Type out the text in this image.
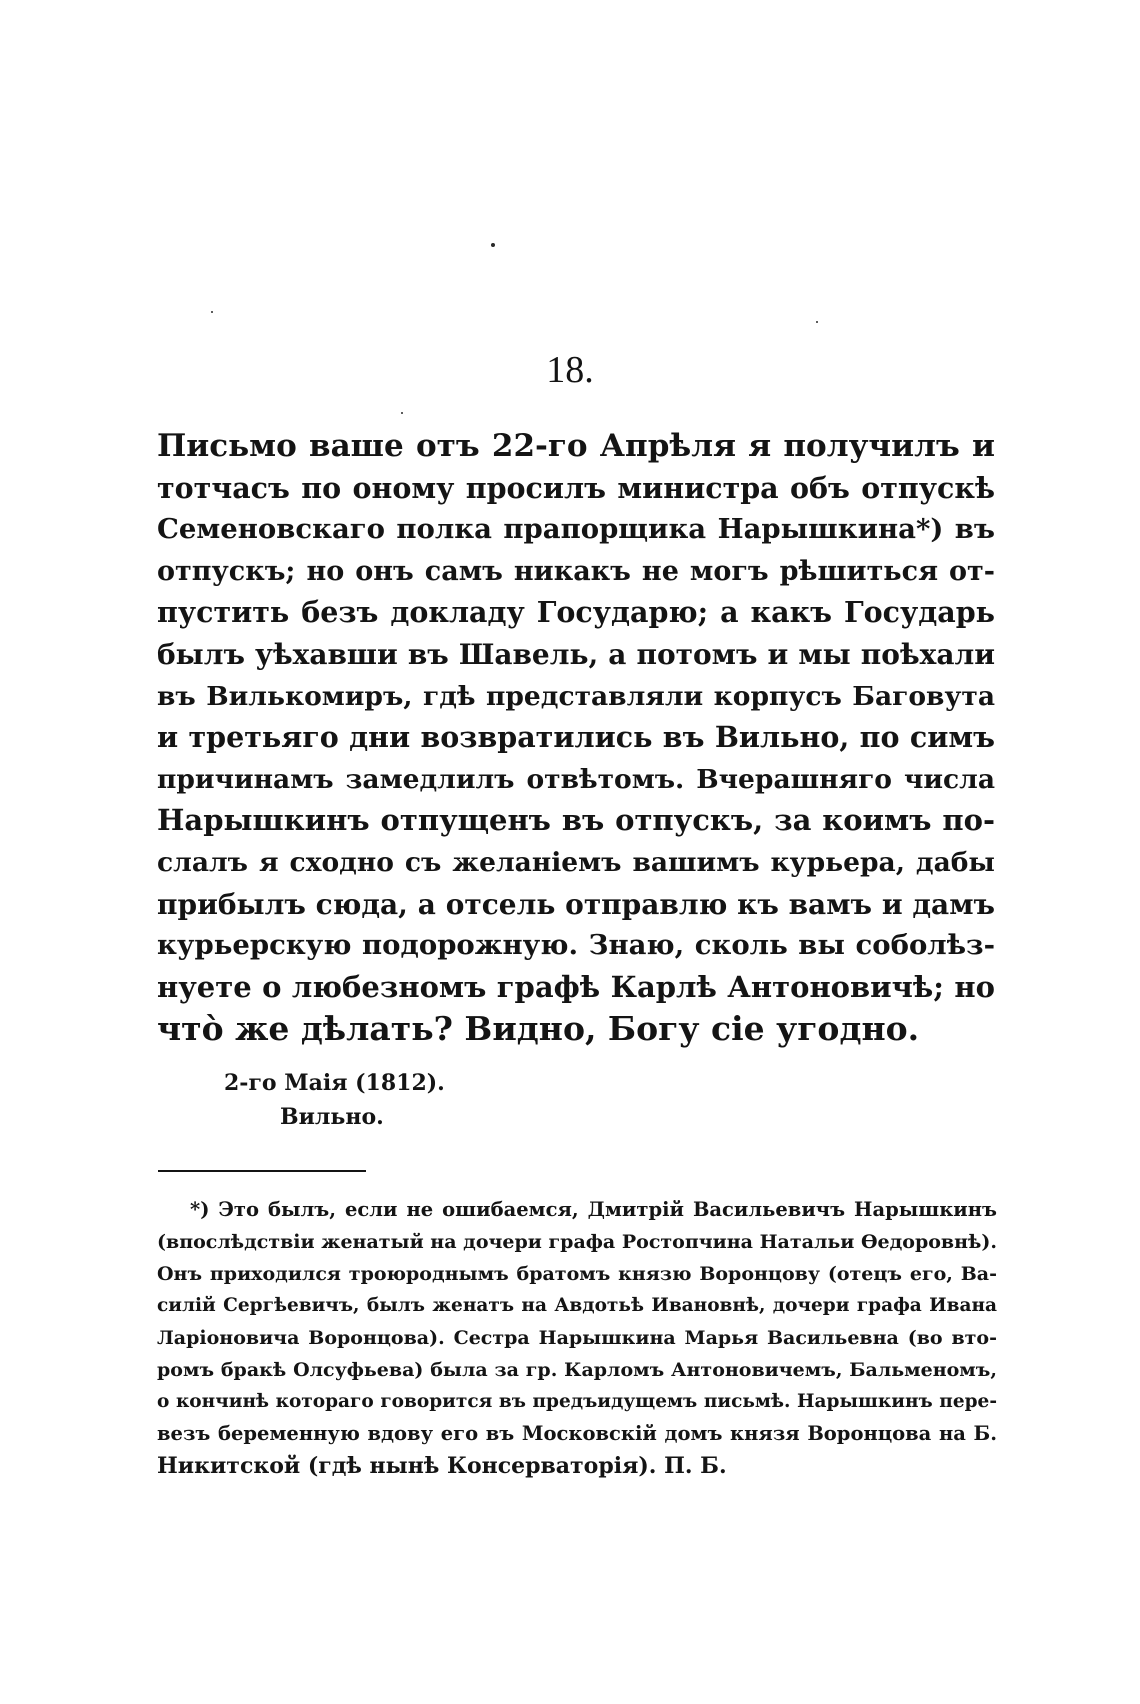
18.
Письмо ваше отъ 22-го Апрѣля я получилъ и
тотчасъ по оному просилъ министра объ отпускѣ
Семеновскаго полка прапорщика Нарышкина*) въ
отпускъ; но онъ самъ никакъ не могъ рѣшиться от-
пустить безъ докладу Государю; а какъ Государь
былъ уѣхавши въ Шавель, а потомъ и мы поѣхали
въ Вилькомиръ, гдѣ представляли корпусъ Баговута
и третьяго дни возвратились въ Вильно, по симъ
причинамъ замедлилъ отвѣтомъ. Вчерашняго числа
Нарышкинъ отпущенъ въ отпускъ, за коимъ по-
слалъ я сходно съ желаніемъ вашимъ курьера, дабы
прибылъ сюда, а отсель отправлю къ вамъ и дамъ
курьерскую подорожную. Знаю, сколь вы соболѣз-
нуете о любезномъ графѣ Карлѣ Антоновичѣ; но
что̀ же дѣлать? Видно, Богу сіе угодно.
2-го Маія (1812).
Вильно.
*) Это былъ, если не ошибаемся, Дмитрій Васильевичъ Нарышкинъ
(впослѣдствіи женатый на дочери графа Ростопчина Натальи Ѳедоровнѣ).
Онъ приходился троюроднымъ братомъ князю Воронцову (отецъ его, Ва-
силій Сергѣевичъ, былъ женатъ на Авдотьѣ Ивановнѣ, дочери графа Ивана
Ларіоновича Воронцова). Сестра Нарышкина Марья Васильевна (во вто-
ромъ бракѣ Олсуфьева) была за гр. Карломъ Антоновичемъ, Бальменомъ,
о кончинѣ котораго говорится въ предъидущемъ письмѣ. Нарышкинъ пере-
везъ беременную вдову его въ Московскій домъ князя Воронцова на Б.
Никитской (гдѣ нынѣ Консерваторія). П. Б.
